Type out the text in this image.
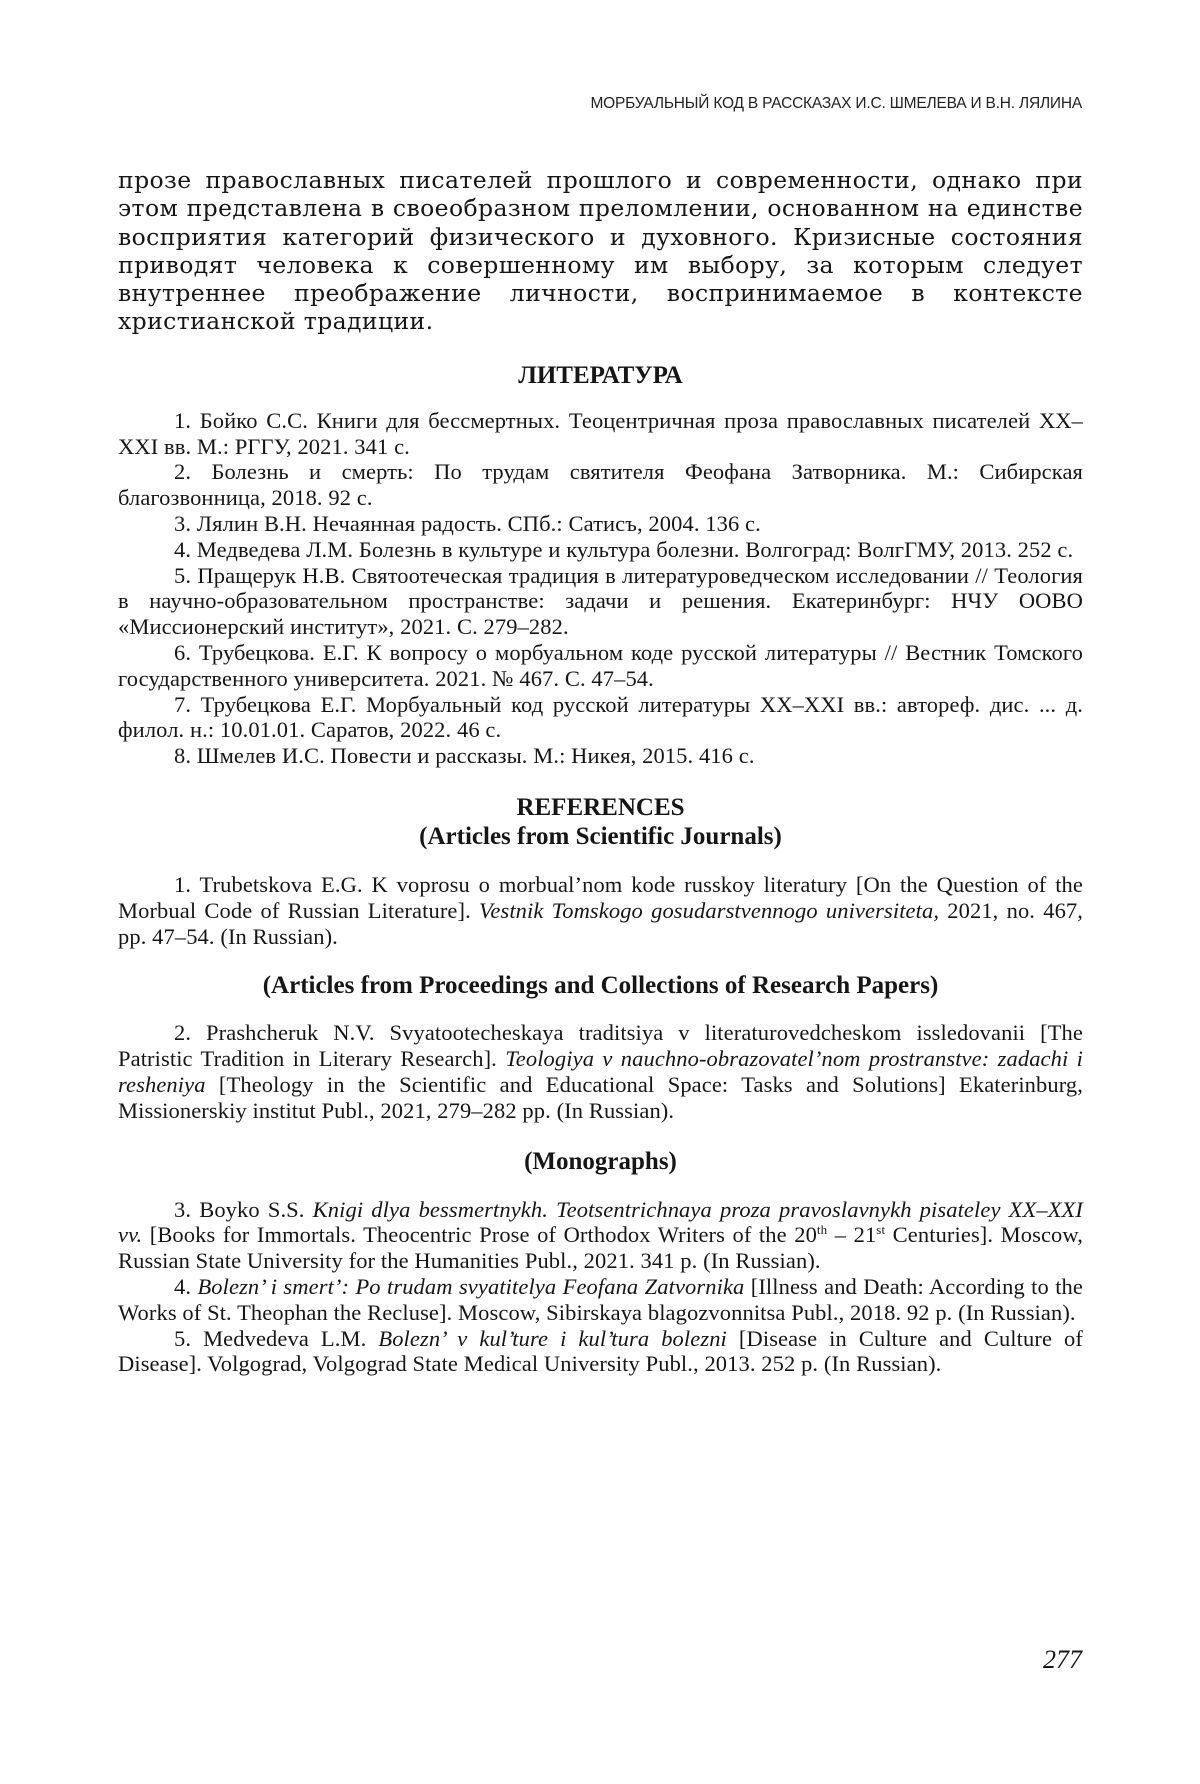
МОРБУАЛЬНЫЙ КОД В РАССКАЗАХ И.С. ШМЕЛЕВА И В.Н. ЛЯЛИНА

прозе православных писателей прошлого и современности, однако при этом представлена в своеобразном преломлении, основанном на единстве восприятия категорий физического и духовного. Кризисные состояния приводят человека к совершенному им выбору, за которым следует внутреннее преображение личности, воспринимаемое в контексте христианской традиции.

ЛИТЕРАТУРА
1. Бойко С.С. Книги для бессмертных. Теоцентричная проза православных писателей XX–XXI вв. М.: РГГУ, 2021. 341 с.
2. Болезнь и смерть: По трудам святителя Феофана Затворника. М.: Сибирская благозвонница, 2018. 92 с.
3. Лялин В.Н. Нечаянная радость. СПб.: Сатисъ, 2004. 136 с.
4. Медведева Л.М. Болезнь в культуре и культура болезни. Волгоград: ВолгГМУ, 2013. 252 с.
5. Пращерук Н.В. Святоотеческая традиция в литературоведческом исследовании // Теология в научно-образовательном пространстве: задачи и решения. Екатеринбург: НЧУ ООВО «Миссионерский институт», 2021. С. 279–282.
6. Трубецкова. Е.Г. К вопросу о морбуальном коде русской литературы // Вестник Томского государственного университета. 2021. № 467. С. 47–54.
7. Трубецкова Е.Г. Морбуальный код русской литературы XX–XXI вв.: автореф. дис. ... д. филол. н.: 10.01.01. Саратов, 2022. 46 с.
8. Шмелев И.С. Повести и рассказы. М.: Никея, 2015. 416 с.
REFERENCES
(Articles from Scientific Journals)
1. Trubetskova E.G. K voprosu o morbual’nom kode russkoy literatury [On the Question of the Morbual Code of Russian Literature]. Vestnik Tomskogo gosudarstvennogo universiteta, 2021, no. 467, pp. 47–54. (In Russian).
(Articles from Proceedings and Collections of Research Papers)
2. Prashcheruk N.V. Svyatootecheskaya traditsiya v literaturovedcheskom issledovanii [The Patristic Tradition in Literary Research]. Teologiya v nauchno-obrazovatel’nom prostranstve: zadachi i resheniya [Theology in the Scientific and Educational Space: Tasks and Solutions] Ekaterinburg, Missionerskiy institut Publ., 2021, 279–282 pp. (In Russian).
(Monographs)
3. Boyko S.S. Knigi dlya bessmertnykh. Teotsentrichnaya proza pravoslavnykh pisateley XX–XXI vv. [Books for Immortals. Theocentric Prose of Orthodox Writers of the 20th – 21st Centuries]. Moscow, Russian State University for the Humanities Publ., 2021. 341 p. (In Russian).
4. Bolezn’ i smert’: Po trudam svyatitelya Feofana Zatvornika [Illness and Death: According to the Works of St. Theophan the Recluse]. Moscow, Sibirskaya blagozvonnitsa Publ., 2018. 92 p. (In Russian).
5. Medvedeva L.M. Bolezn’ v kul’ture i kul’tura bolezni [Disease in Culture and Culture of Disease]. Volgograd, Volgograd State Medical University Publ., 2013. 252 p. (In Russian).
277
